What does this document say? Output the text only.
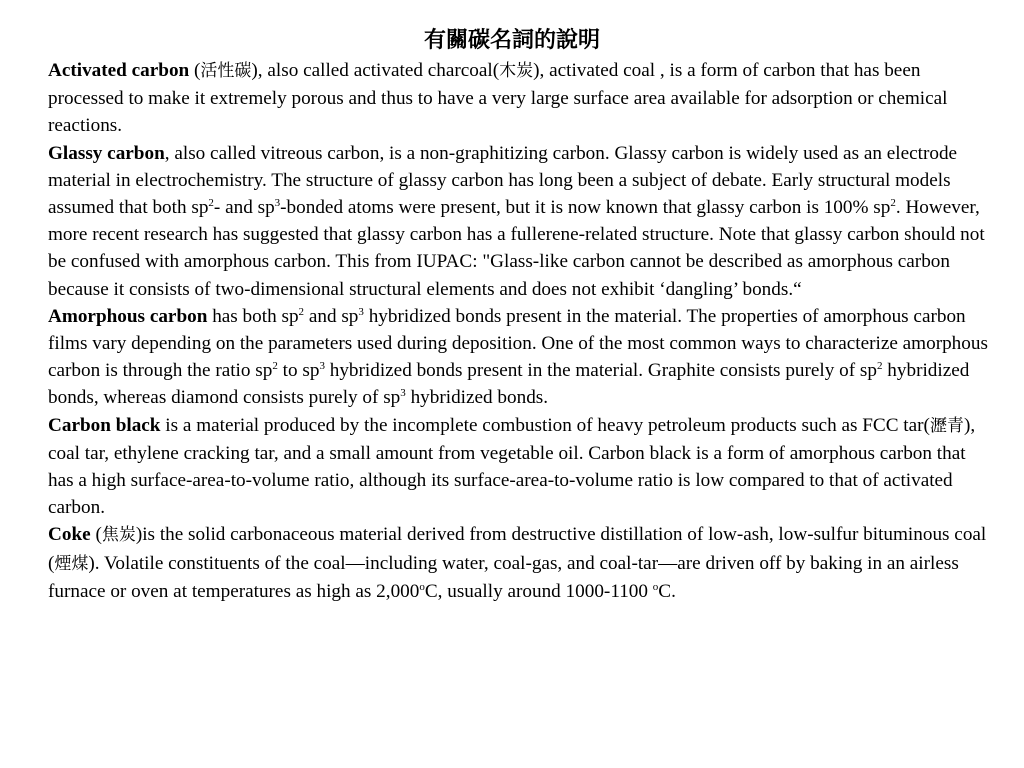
有關碳名詞的說明

Activated carbon (活性碳), also called activated charcoal(木炭), activated coal , is a form of carbon that has been processed to make it extremely porous and thus to have a very large surface area available for adsorption or chemical reactions.

Glassy carbon, also called vitreous carbon, is a non-graphitizing carbon. Glassy carbon is widely used as an electrode material in electrochemistry. The structure of glassy carbon has long been a subject of debate. Early structural models assumed that both $sp^2-$ and $sp^3$-bonded atoms were present, but it is now known that glassy carbon is 100% $sp^2$. However, more recent research has suggested that glassy carbon has a fullerene-related structure. Note that glassy carbon should not be confused with amorphous carbon. This from IUPAC: "Glass-like carbon cannot be described as amorphous carbon because it consists of two-dimensional structural elements and does not exhibit ‘dangling’ bonds.“

Amorphous carbon has both $sp^2$ and $sp^3$ hybridized bonds present in the material. The properties of amorphous carbon films vary depending on the parameters used during deposition. One of the most common ways to characterize amorphous carbon is through the ratio $sp^2$ to $sp^3$ hybridized bonds present in the material. Graphite consists purely of $sp^2$ hybridized bonds, whereas diamond consists purely of $sp^3$ hybridized bonds.

Carbon black is a material produced by the incomplete combustion of heavy petroleum products such as FCC tar(瀝青), coal tar, ethylene cracking tar, and a small amount from vegetable oil. Carbon black is a form of amorphous carbon that has a high surface-area-to-volume ratio, although its surface-area-to-volume ratio is low compared to that of activated carbon.

Coke (焦炭)is the solid carbonaceous material derived from destructive distillation of low-ash, low-sulfur bituminous coal (煙煤). Volatile constituents of the coal—including water, coal-gas, and coal-tar—are driven off by baking in an airless furnace or oven at temperatures as high as 2,000$^o$C, usually around 1000-1100 $^o$C.
